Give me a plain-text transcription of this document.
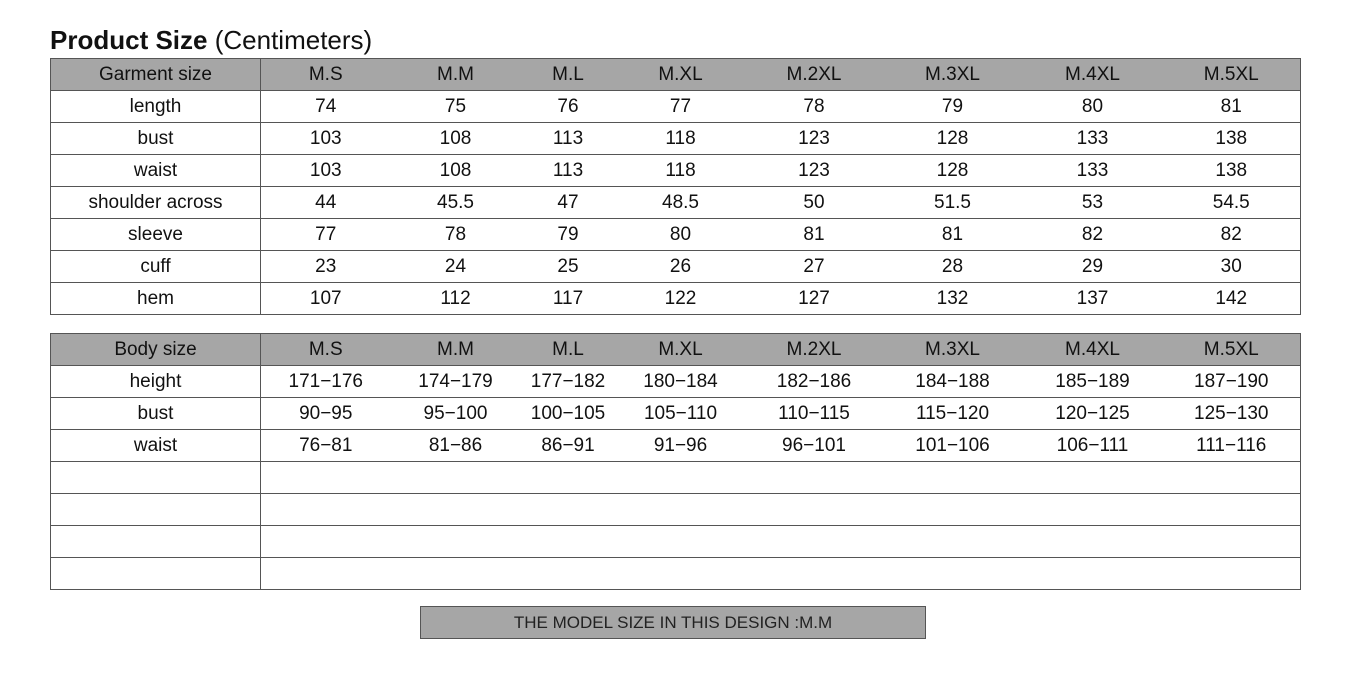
Product Size (Centimeters)
Garment size	M.S	M.M	M.L	M.XL	M.2XL	M.3XL	M.4XL	M.5XL
length	74	75	76	77	78	79	80	81
bust	103	108	113	118	123	128	133	138
waist	103	108	113	118	123	128	133	138
shoulder across	44	45.5	47	48.5	50	51.5	53	54.5
sleeve	77	78	79	80	81	81	82	82
cuff	23	24	25	26	27	28	29	30
hem	107	112	117	122	127	132	137	142
Body size	M.S	M.M	M.L	M.XL	M.2XL	M.3XL	M.4XL	M.5XL
height	171−176	174−179	177−182	180−184	182−186	184−188	185−189	187−190
bust	90−95	95−100	100−105	105−110	110−115	115−120	120−125	125−130
waist	76−81	81−86	86−91	91−96	96−101	101−106	106−111	111−116

THE MODEL SIZE IN THIS DESIGN :M.M
